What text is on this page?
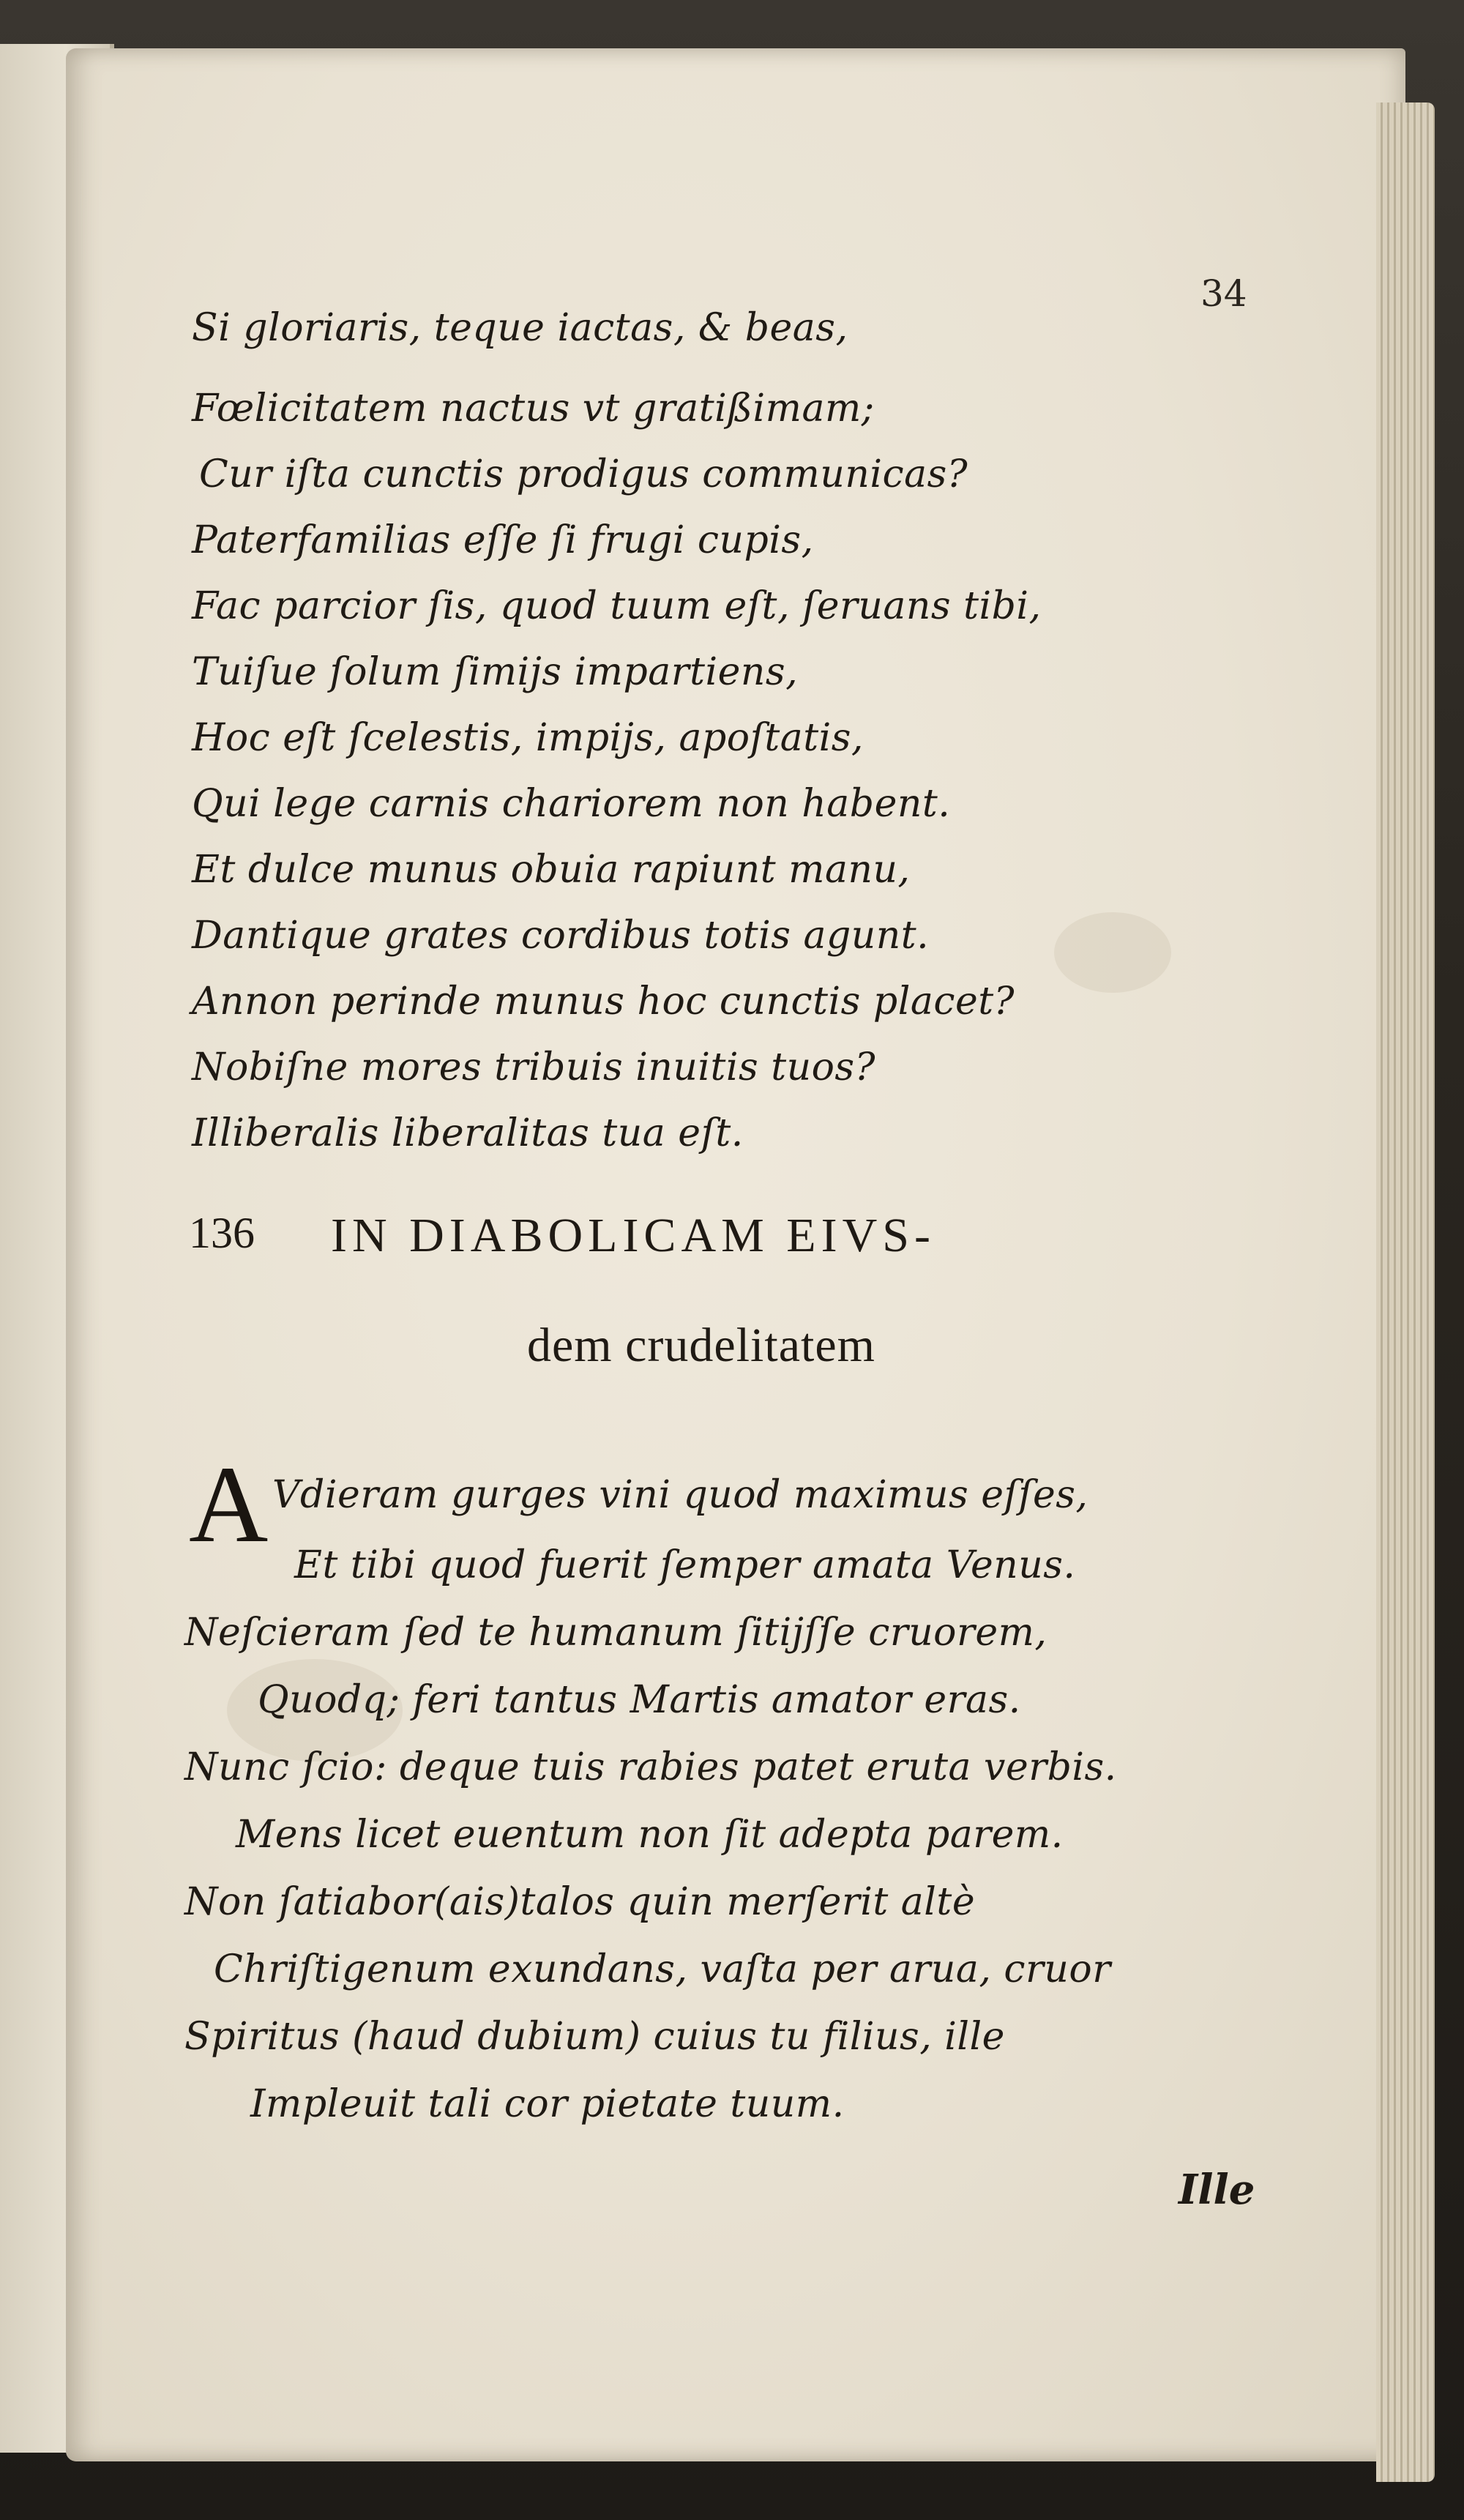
34
Si gloriaris, teque iactas, & beas,
Fœlicitatem nactus vt gratißimam;
Cur iſta cunctis prodigus communicas?
Paterfamilias eſſe ſi frugi cupis,
Fac parcior ſis, quod tuum eſt, ſeruans tibi,
Tuiſue ſolum ſimijs impartiens,
Hoc eſt ſcelestis, impijs, apoſtatis,
Qui lege carnis chariorem non habent.
Et dulce munus obuia rapiunt manu,
Dantique grates cordibus totis agunt.
Annon perinde munus hoc cunctis placet?
Nobiſne mores tribuis inuitis tuos?
Illiberalis liberalitas tua eſt.
136 IN DIABOLICAM EIVS-
dem crudelitatem
A Vdieram gurges vini quod maximus eſſes,
Et tibi quod fuerit ſemper amata Venus.
Neſcieram ſed te humanum ſitijſſe cruorem,
Quodq; feri tantus Martis amator eras.
Nunc ſcio: deque tuis rabies patet eruta verbis.
Mens licet euentum non ſit adepta parem.
Non ſatiabor(ais)talos quin merſerit altè
Chriſtigenum exundans, vaſta per arua, cruor
Spiritus (haud dubium) cuius tu filius, ille
Impleuit tali cor pietate tuum.
Ille
